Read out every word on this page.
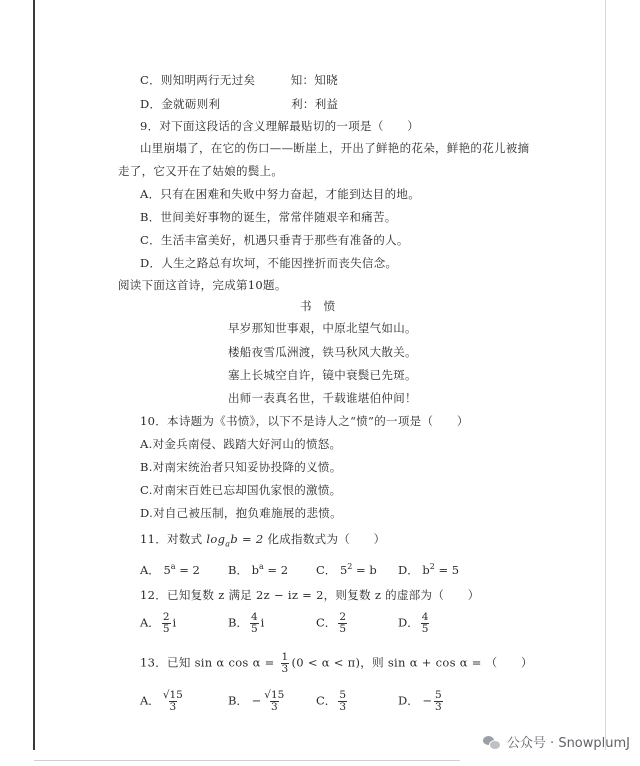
C．则知明两行无过矣　　　知：知晓
D．金就砺则利　　　　　　利：利益
9．对下面这段话的含义理解最贴切的一项是（　　）
山里崩塌了，在它的伤口——断崖上，开出了鲜艳的花朵，鲜艳的花儿被摘
走了，它又开在了姑娘的鬓上。
A．只有在困难和失败中努力奋起，才能到达目的地。
B．世间美好事物的诞生，常常伴随艰辛和痛苦。
C．生活丰富美好，机遇只垂青于那些有准备的人。
D．人生之路总有坎坷，不能因挫折而丧失信念。
阅读下面这首诗，完成第10题。
书　愤
早岁那知世事艰，中原北望气如山。
楼船夜雪瓜洲渡，铁马秋风大散关。
塞上长城空自许，镜中衰鬓已先斑。
出师一表真名世，千载谁堪伯仲间！
10．本诗题为《书愤》，以下不是诗人之“愤”的一项是（　　）
A.对金兵南侵、践踏大好河山的愤怒。
B.对南宋统治者只知妥协投降的义愤。
C.对南宋百姓已忘却国仇家恨的激愤。
D.对自己被压制，抱负难施展的悲愤。
11．对数式 $\log_ab = 2$ 化成指数式为（　　）
A． $5^a = 2$ B． $b^a = 2$ C． $5^2 = b$ D． $b^2 = 5$
12．已知复数 z 满足 2z − iz = 2，则复数 z 的虚部为（　　）
A． $\frac{2}{5}$ i	B． $\frac{4}{5}$ i	C． $\frac{2}{5}$	D． $\frac{4}{5}$
13．已知 sin α $\cos \alpha = \frac{1}{3} (0 < \alpha < \pi)$，则 sin α + cos α = （　　）
A． $\frac{√15}{3}$	B． − $\frac{√15}{3}$	C． $\frac{5}{3}$	D． − $\frac{5}{3}$
公众号 · SnowplumJ
